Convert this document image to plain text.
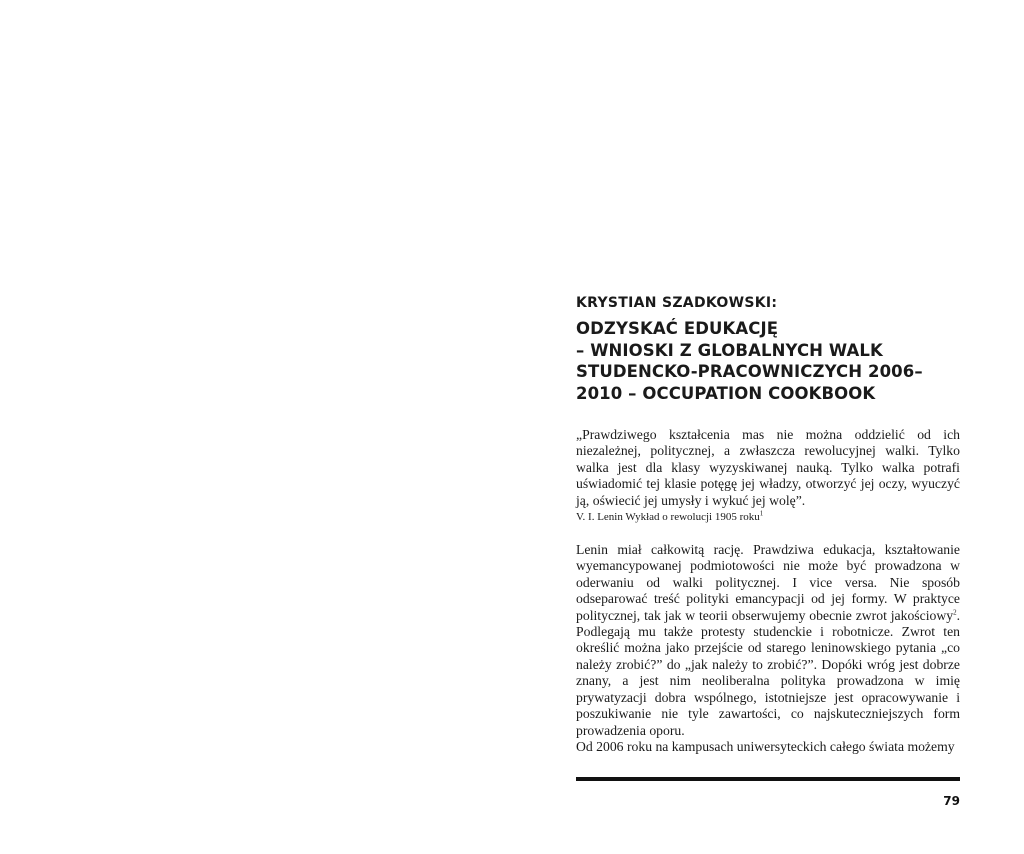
KRYSTIAN SZADKOWSKI:
ODZYSKAĆ EDUKACJĘ
– WNIOSKI Z GLOBALNYCH WALK
STUDENCKO-PRACOWNICZYCH 2006–
2010 – OCCUPATION COOKBOOK
„Prawdziwego kształcenia mas nie można oddzielić od ich niezależnej, politycznej, a zwłaszcza rewolucyjnej walki. Tylko walka jest dla klasy wyzyskiwanej nauką. Tylko walka potrafi uświadomić tej klasie potęgę jej władzy, otworzyć jej oczy, wyuczyć ją, oświecić jej umysły i wykuć jej wolę”.
V. I. Lenin Wykład o rewolucji 1905 roku$^1$

Lenin miał całkowitą rację. Prawdziwa edukacja, kształtowanie wyemancypowanej podmiotowości nie może być prowadzona w oderwaniu od walki politycznej. I vice versa. Nie sposób odseparować treść polityki emancypacji od jej formy. W praktyce politycznej, tak jak w teorii obserwujemy obecnie zwrot jakościowy$^2$. Podlegają mu także protesty studenckie i robotnicze. Zwrot ten określić można jako przejście od starego leninowskiego pytania „co należy zrobić?” do „jak należy to zrobić?”. Dopóki wróg jest dobrze znany, a jest nim neoliberalna polityka prowadzona w imię prywatyzacji dobra wspólnego, istotniejsze jest opracowywanie i poszukiwanie nie tyle zawartości, co najskuteczniejszych form prowadzenia oporu.

Od 2006 roku na kampusach uniwersyteckich całego świata możemy

79
